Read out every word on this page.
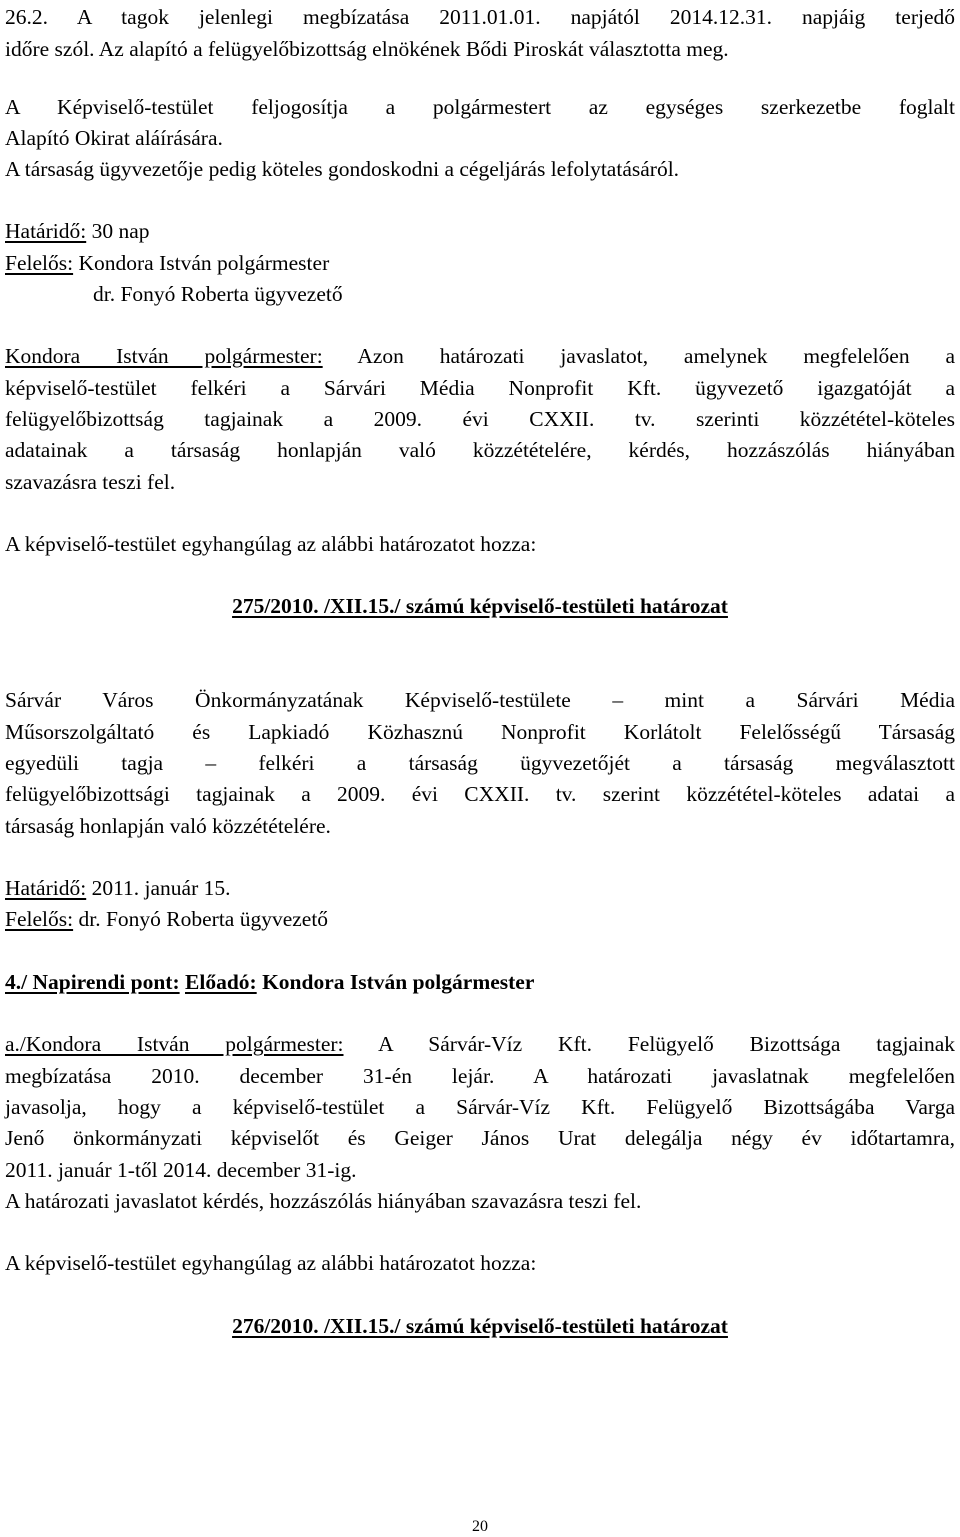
26.2. A tagok jelenlegi megbízatása 2011.01.01. napjától 2014.12.31. napjáig terjedő
időre szól. Az alapító a felügyelőbizottság elnökének Bődi Piroskát választotta meg.
A Képviselő-testület feljogosítja a polgármestert az egységes szerkezetbe foglalt
Alapító Okirat aláírására.
A társaság ügyvezetője pedig köteles gondoskodni a cégeljárás lefolytatásáról.
Határidő: 30 nap
Felelős: Kondora István polgármester
dr. Fonyó Roberta ügyvezető
Kondora István polgármester: Azon határozati javaslatot, amelynek megfelelően a
képviselő-testület felkéri a Sárvári Média Nonprofit Kft. ügyvezető igazgatóját a
felügyelőbizottság tagjainak a 2009. évi CXXII. tv. szerinti közzététel-köteles
adatainak a társaság honlapján való közzétételére, kérdés, hozzászólás hiányában
szavazásra teszi fel.
A képviselő-testület egyhangúlag az alábbi határozatot hozza:
275/2010. /XII.15./ számú képviselő-testületi határozat
Sárvár Város Önkormányzatának Képviselő-testülete – mint a Sárvári Média
Műsorszolgáltató és Lapkiadó Közhasznú Nonprofit Korlátolt Felelősségű Társaság
egyedüli tagja – felkéri a társaság ügyvezetőjét a társaság megválasztott
felügyelőbizottsági tagjainak a 2009. évi CXXII. tv. szerint közzététel-köteles adatai a
társaság honlapján való közzétételére.
Határidő: 2011. január 15.
Felelős: dr. Fonyó Roberta ügyvezető
4./ Napirendi pont: Előadó: Kondora István polgármester
a./Kondora István polgármester: A Sárvár-Víz Kft. Felügyelő Bizottsága tagjainak
megbízatása 2010. december 31-én lejár. A határozati javaslatnak megfelelően
javasolja, hogy a képviselő-testület a Sárvár-Víz Kft. Felügyelő Bizottságába Varga
Jenő önkormányzati képviselőt és Geiger János Urat delegálja négy év időtartamra,
2011. január 1-től 2014. december 31-ig.
A határozati javaslatot kérdés, hozzászólás hiányában szavazásra teszi fel.
A képviselő-testület egyhangúlag az alábbi határozatot hozza:
276/2010. /XII.15./ számú képviselő-testületi határozat
20
